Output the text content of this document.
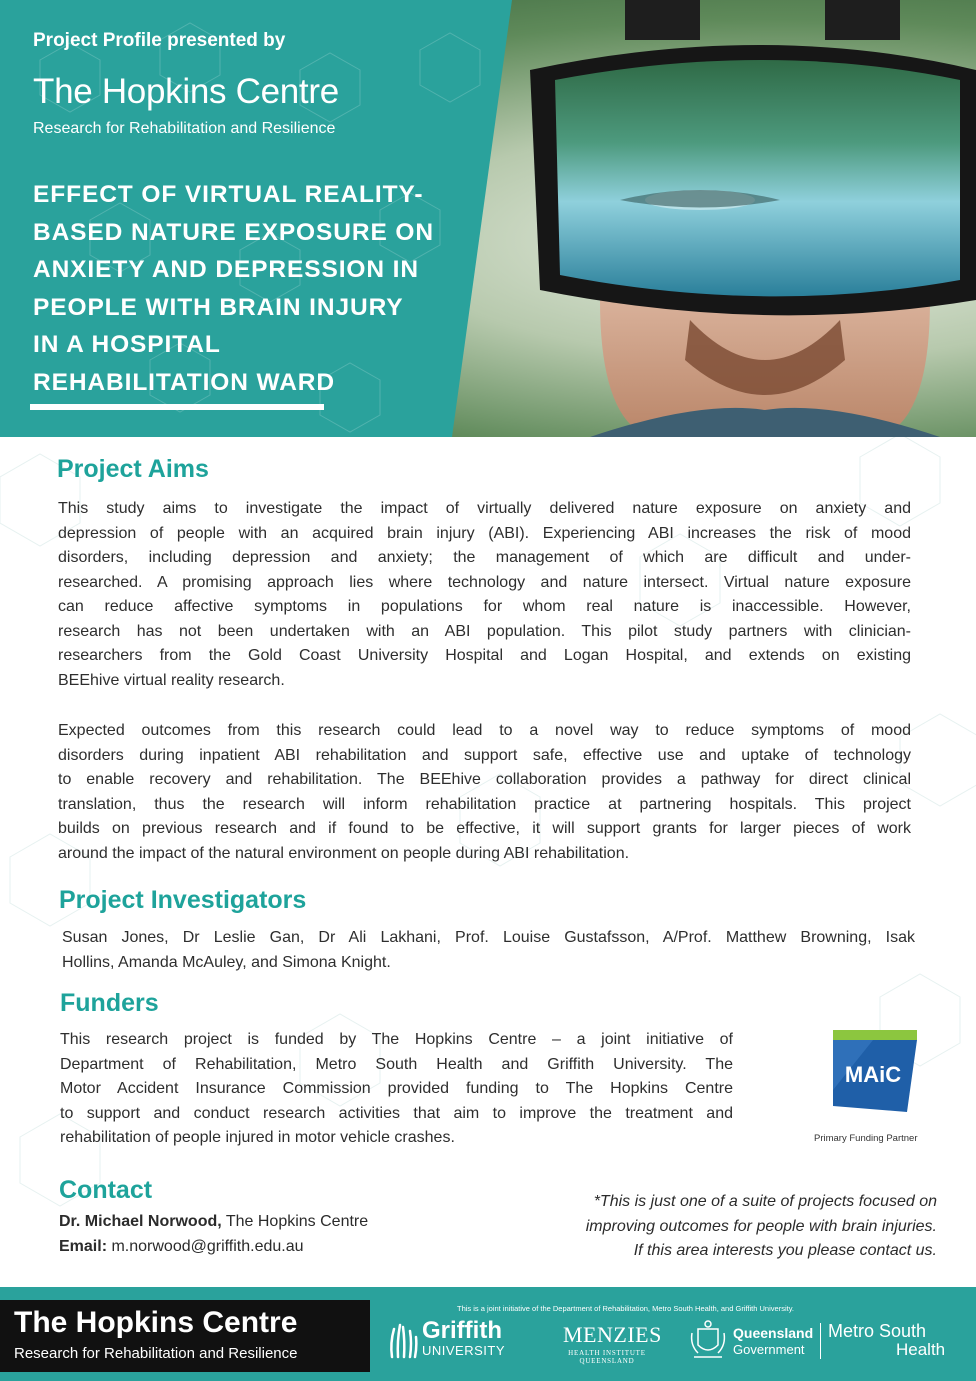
Project Profile presented by
The Hopkins Centre
Research for Rehabilitation and Resilience
EFFECT OF VIRTUAL REALITY-
BASED NATURE EXPOSURE ON
ANXIETY AND DEPRESSION IN
PEOPLE WITH BRAIN INJURY
IN A HOSPITAL
REHABILITATION WARD
Project Aims
This study aims to investigate the impact of virtually delivered nature exposure on anxiety and
depression of people with an acquired brain injury (ABI). Experiencing ABI increases the risk of mood
disorders, including depression and anxiety; the management of which are difficult and under-
researched. A promising approach lies where technology and nature intersect. Virtual nature exposure
can reduce affective symptoms in populations for whom real nature is inaccessible. However,
research has not been undertaken with an ABI population. This pilot study partners with clinician-
researchers from the Gold Coast University Hospital and Logan Hospital, and extends on existing
BEEhive virtual reality research.
Expected outcomes from this research could lead to a novel way to reduce symptoms of mood
disorders during inpatient ABI rehabilitation and support safe, effective use and uptake of technology
to enable recovery and rehabilitation. The BEEhive collaboration provides a pathway for direct clinical
translation, thus the research will inform rehabilitation practice at partnering hospitals. This project
builds on previous research and if found to be effective, it will support grants for larger pieces of work
around the impact of the natural environment on people during ABI rehabilitation.
Project Investigators
Susan Jones, Dr Leslie Gan, Dr Ali Lakhani, Prof. Louise Gustafsson, A/Prof. Matthew Browning, Isak
Hollins, Amanda McAuley, and Simona Knight.
Funders
This research project is funded by The Hopkins Centre – a joint initiative of
Department of Rehabilitation, Metro South Health and Griffith University. The
Motor Accident Insurance Commission provided funding to The Hopkins Centre
to support and conduct research activities that aim to improve the treatment and
rehabilitation of people injured in motor vehicle crashes.
MAiC
Primary Funding Partner
Contact
Dr. Michael Norwood, The Hopkins Centre
Email: m.norwood@griffith.edu.au
*This is just one of a suite of projects focused on
improving outcomes for people with brain injuries.
If this area interests you please contact us.
The Hopkins Centre
Research for Rehabilitation and Resilience
This is a joint initiative of the Department of Rehabilitation, Metro South Health, and Griffith University.
Griffith
UNIVERSITY
MENZIES
HEALTH INSTITUTE QUEENSLAND
Queensland
Government
Metro South
Health
